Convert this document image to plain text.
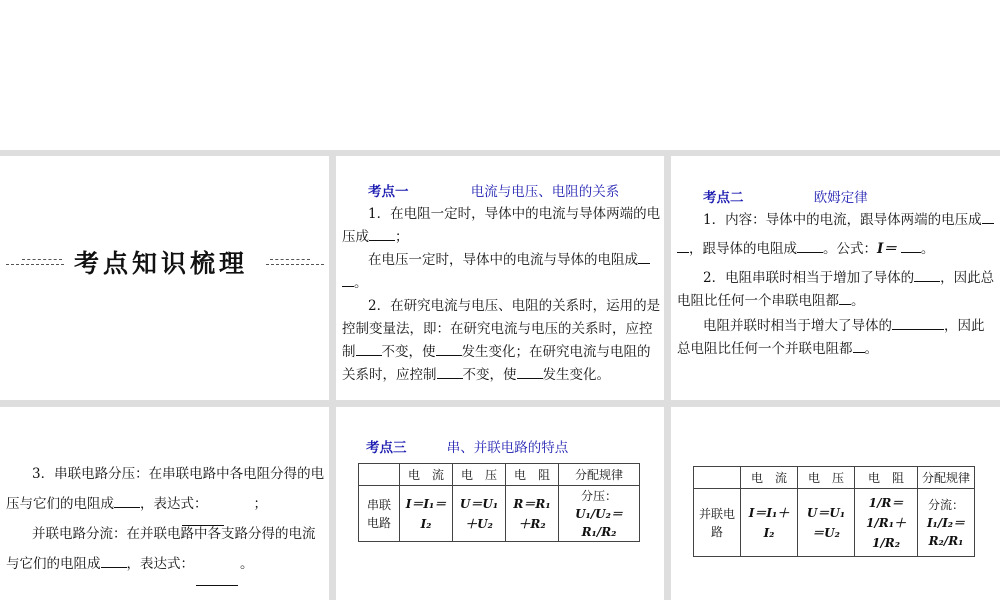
考点知识梳理
考点一	电流与电压、电阻的关系
1．在电阻一定时，导体中的电流与导体两端的电
压成 ；
在电压一定时，导体中的电流与导体的电阻成
。
2．在研究电流与电压、电阻的关系时，运用的是
控制变量法，即：在研究电流与电压的关系时，应控
制 不变，使 发生变化；在研究电流与电阻的
关系时，应控制 不变，使 发生变化。
考点二	欧姆定律
1．内容：导体中的电流，跟导体两端的电压成
，跟导体的电阻成 。公式：I＝ 。
2．电阻串联时相当于增加了导体的 ，因此总
电阻比任何一个串联电阻都 。
电阻并联时相当于增大了导体的	，因此
总电阻比任何一个并联电阻都 。
3．串联电路分压：在串联电路中各电阻分得的电
压与它们的电阻成 ，表达式：	；
并联电路分流：在并联电路中各支路分得的电流
与它们的电阻成 ，表达式：	。
考点三	串、并联电路的特点
	电　流	电　压	电　阻	分配规律
串联电路	I＝I₁＝I₂	U＝U₁＋U₂	R＝R₁＋R₂	分压：
U₁/U₂＝R₁/R₂
	电　流	电　压	电　阻	分配规律
并联电路	I＝I₁＋I₂	U＝U₁＝U₂	1/R＝1/R₁＋1/R₂	分流：
I₁/I₂＝R₂/R₁
